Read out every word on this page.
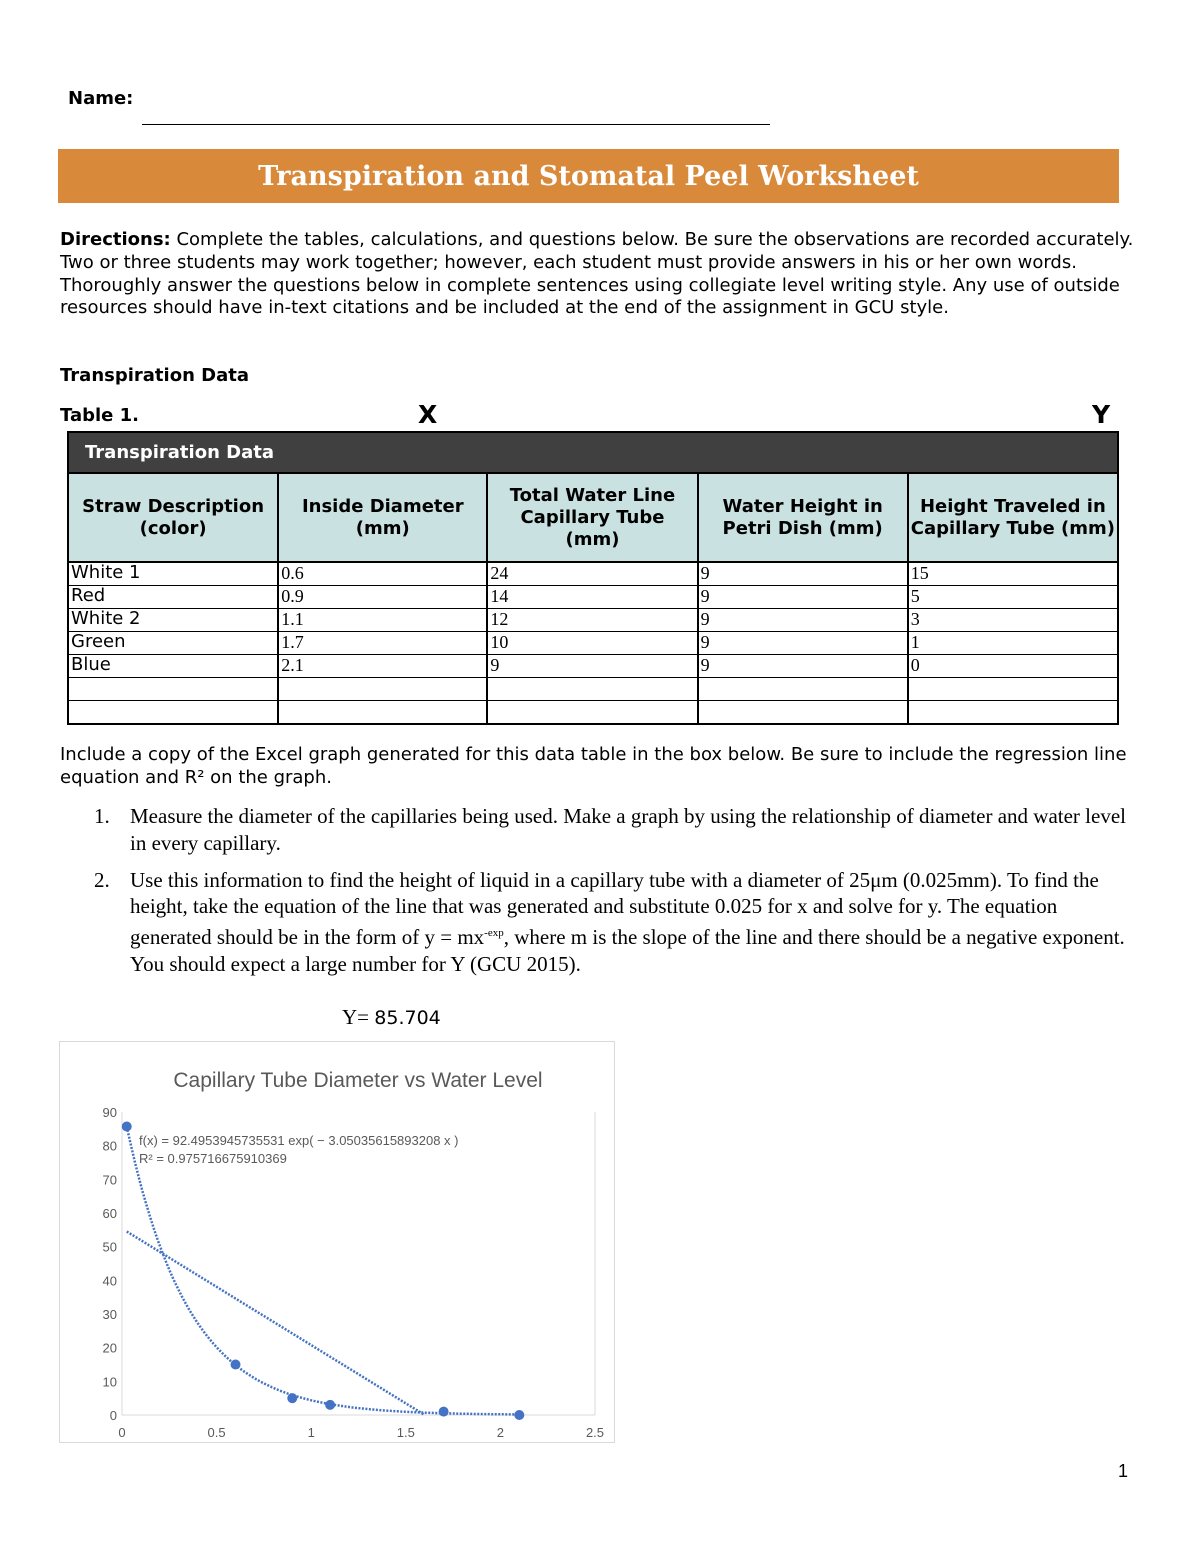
Name:
Transpiration and Stomatal Peel Worksheet
Directions: Complete the tables, calculations, and questions below. Be sure the observations are recorded accurately. Two or three students may work together; however, each student must provide answers in his or her own words. Thoroughly answer the questions below in complete sentences using collegiate level writing style. Any use of outside resources should have in-text citations and be included at the end of the assignment in GCU style.
Transpiration Data
Table 1.	X	Y
Transpiration Data				
Straw Description (color)	Inside Diameter (mm)	Total Water Line Capillary Tube (mm)	Water Height in Petri Dish (mm)	Height Traveled in Capillary Tube (mm)
White 1	0.6	24	9	15
Red	0.9	14	9	5
White 2	1.1	12	9	3
Green	1.7	10	9	1
Blue	2.1	9	9	0

Include a copy of the Excel graph generated for this data table in the box below. Be sure to include the regression line equation and R² on the graph.
1. Measure the diameter of the capillaries being used. Make a graph by using the relationship of diameter and water level in every capillary.
2. Use this information to find the height of liquid in a capillary tube with a diameter of 25μm (0.025mm). To find the height, take the equation of the line that was generated and substitute 0.025 for x and solve for y. The equation generated should be in the form of $y = mx^{-exp}$, where m is the slope of the line and there should be a negative exponent. You should expect a large number for Y (GCU 2015).
Y= 85.704
Capillary Tube Diameter vs Water Level
0	0.5	1	1.5	2	2.5
0
10
20
30
40
50
60
70
80
90
f(x) = 92.4953945735531 exp( − 3.05035615893208 x )
R² = 0.975716675910369
1
